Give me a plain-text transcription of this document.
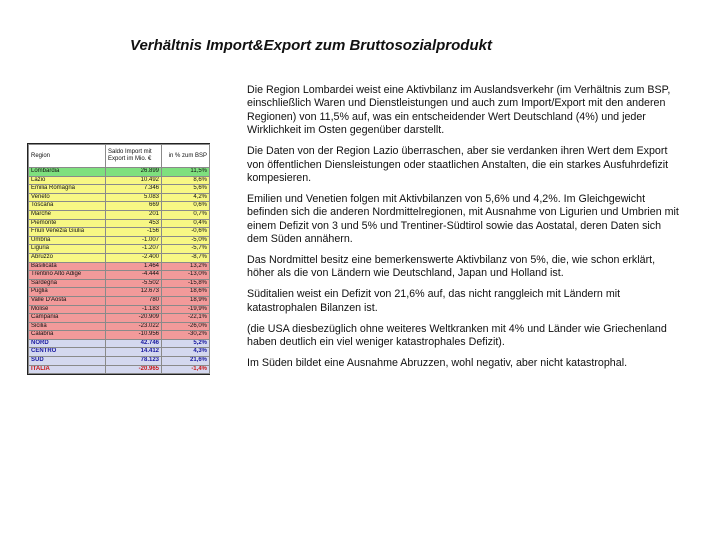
Verhältnis Import&Export zum Bruttosozialprodukt
Region	Saldo Import mit Export im Mio. €	in % zum BSP
Lombardia	26.899	11,5%
Lazio	10.492	8,6%
Emilia Romagna	7.346	5,6%
Veneto	5.083	4,2%
Toscana	669	0,6%
Marche	201	0,7%
Piemonte	453	0,4%
Friuli Venezia Giulia	-156	-0,6%
Umbria	-1.007	-5,0%
Liguria	-1.207	-5,7%
Abruzzo	-2.400	-8,7%
Basilicata	1.464	13,2%
Trentino Alto Adige	-4.444	-13,0%
Sardegna	-5.502	-15,8%
Puglia	12.673	18,6%
Valle D'Aosta	780	18,9%
Molise	-1.183	-19,9%
Campania	-20.909	-22,1%
Sicilia	-23.022	-26,0%
Calabria	-10.956	-30,2%
NORD	42.746	5,2%
CENTRO	14.412	4,3%
SUD	78.123	21,6%
ITALIA	-20.965	-1,4%

Die Region Lombardei weist eine Aktivbilanz im Auslandsverkehr (im Verhältnis zum BSP, einschließlich Waren und Dienstleistungen und auch zum Import/Export mit den anderen Regionen) von 11,5% auf, was ein entscheidender Wert Deutschland (4%) und jeder Wirklichkeit im Osten gegenüber darstellt.

Die Daten von der Region Lazio überraschen, aber sie verdanken ihren Wert dem Export von öffentlichen Diensleistungen oder staatlichen Anstalten, die ein starkes Ausfuhrdefizit kompesieren.

Emilien und Venetien folgen mit Aktivbilanzen von 5,6% und 4,2%. Im Gleichgewicht befinden sich die anderen Nordmittelregionen, mit Ausnahme von Ligurien und Umbrien mit einem Defizit von 3 und 5% und Trentiner-Südtirol sowie das Aostatal, deren Daten sich dem Süden annähern.

Das Nordmittel besitz eine bemerkenswerte Aktivbilanz von 5%, die, wie schon erklärt, höher als die von Ländern wie Deutschland, Japan und Holland ist.

Süditalien weist ein Defizit von 21,6% auf, das nicht ranggleich mit Ländern mit katastrophalen Bilanzen ist.

(die USA diesbezüglich ohne weiteres Weltkranken mit 4% und Länder wie Griechenland haben deutlich ein viel weniger katastrophales Defizit).

Im Süden bildet eine Ausnahme Abruzzen, wohl negativ, aber nicht katastrophal.
